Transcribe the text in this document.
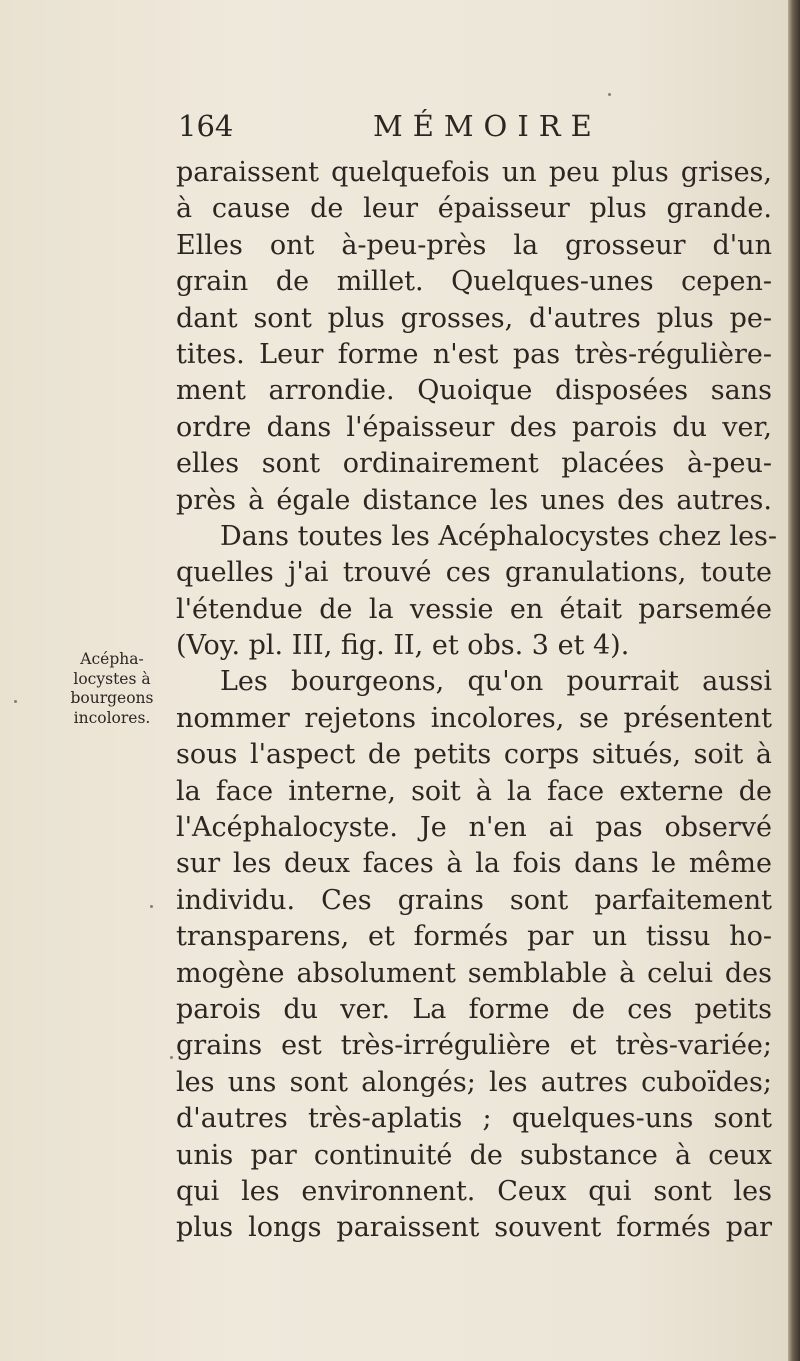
164	MÉMOIRE
Acépha-
locystes à
bourgeons
incolores.
paraissent quelquefois un peu plus grises,
à cause de leur épaisseur plus grande.
Elles ont à-peu-près la grosseur d'un
grain de millet. Quelques-unes cepen-
dant sont plus grosses, d'autres plus pe-
tites. Leur forme n'est pas très-régulière-
ment arrondie. Quoique disposées sans
ordre dans l'épaisseur des parois du ver,
elles sont ordinairement placées à-peu-
près à égale distance les unes des autres.
Dans toutes les Acéphalocystes chez les-
quelles j'ai trouvé ces granulations, toute
l'étendue de la vessie en était parsemée
(Voy. pl. III, fig. II, et obs. 3 et 4).
Les bourgeons, qu'on pourrait aussi
nommer rejetons incolores, se présentent
sous l'aspect de petits corps situés, soit à
la face interne, soit à la face externe de
l'Acéphalocyste. Je n'en ai pas observé
sur les deux faces à la fois dans le même
individu. Ces grains sont parfaitement
transparens, et formés par un tissu ho-
mogène absolument semblable à celui des
parois du ver. La forme de ces petits
grains est très-irrégulière et très-variée;
les uns sont alongés; les autres cuboïdes;
d'autres très-aplatis ; quelques-uns sont
unis par continuité de substance à ceux
qui les environnent. Ceux qui sont les
plus longs paraissent souvent formés par
